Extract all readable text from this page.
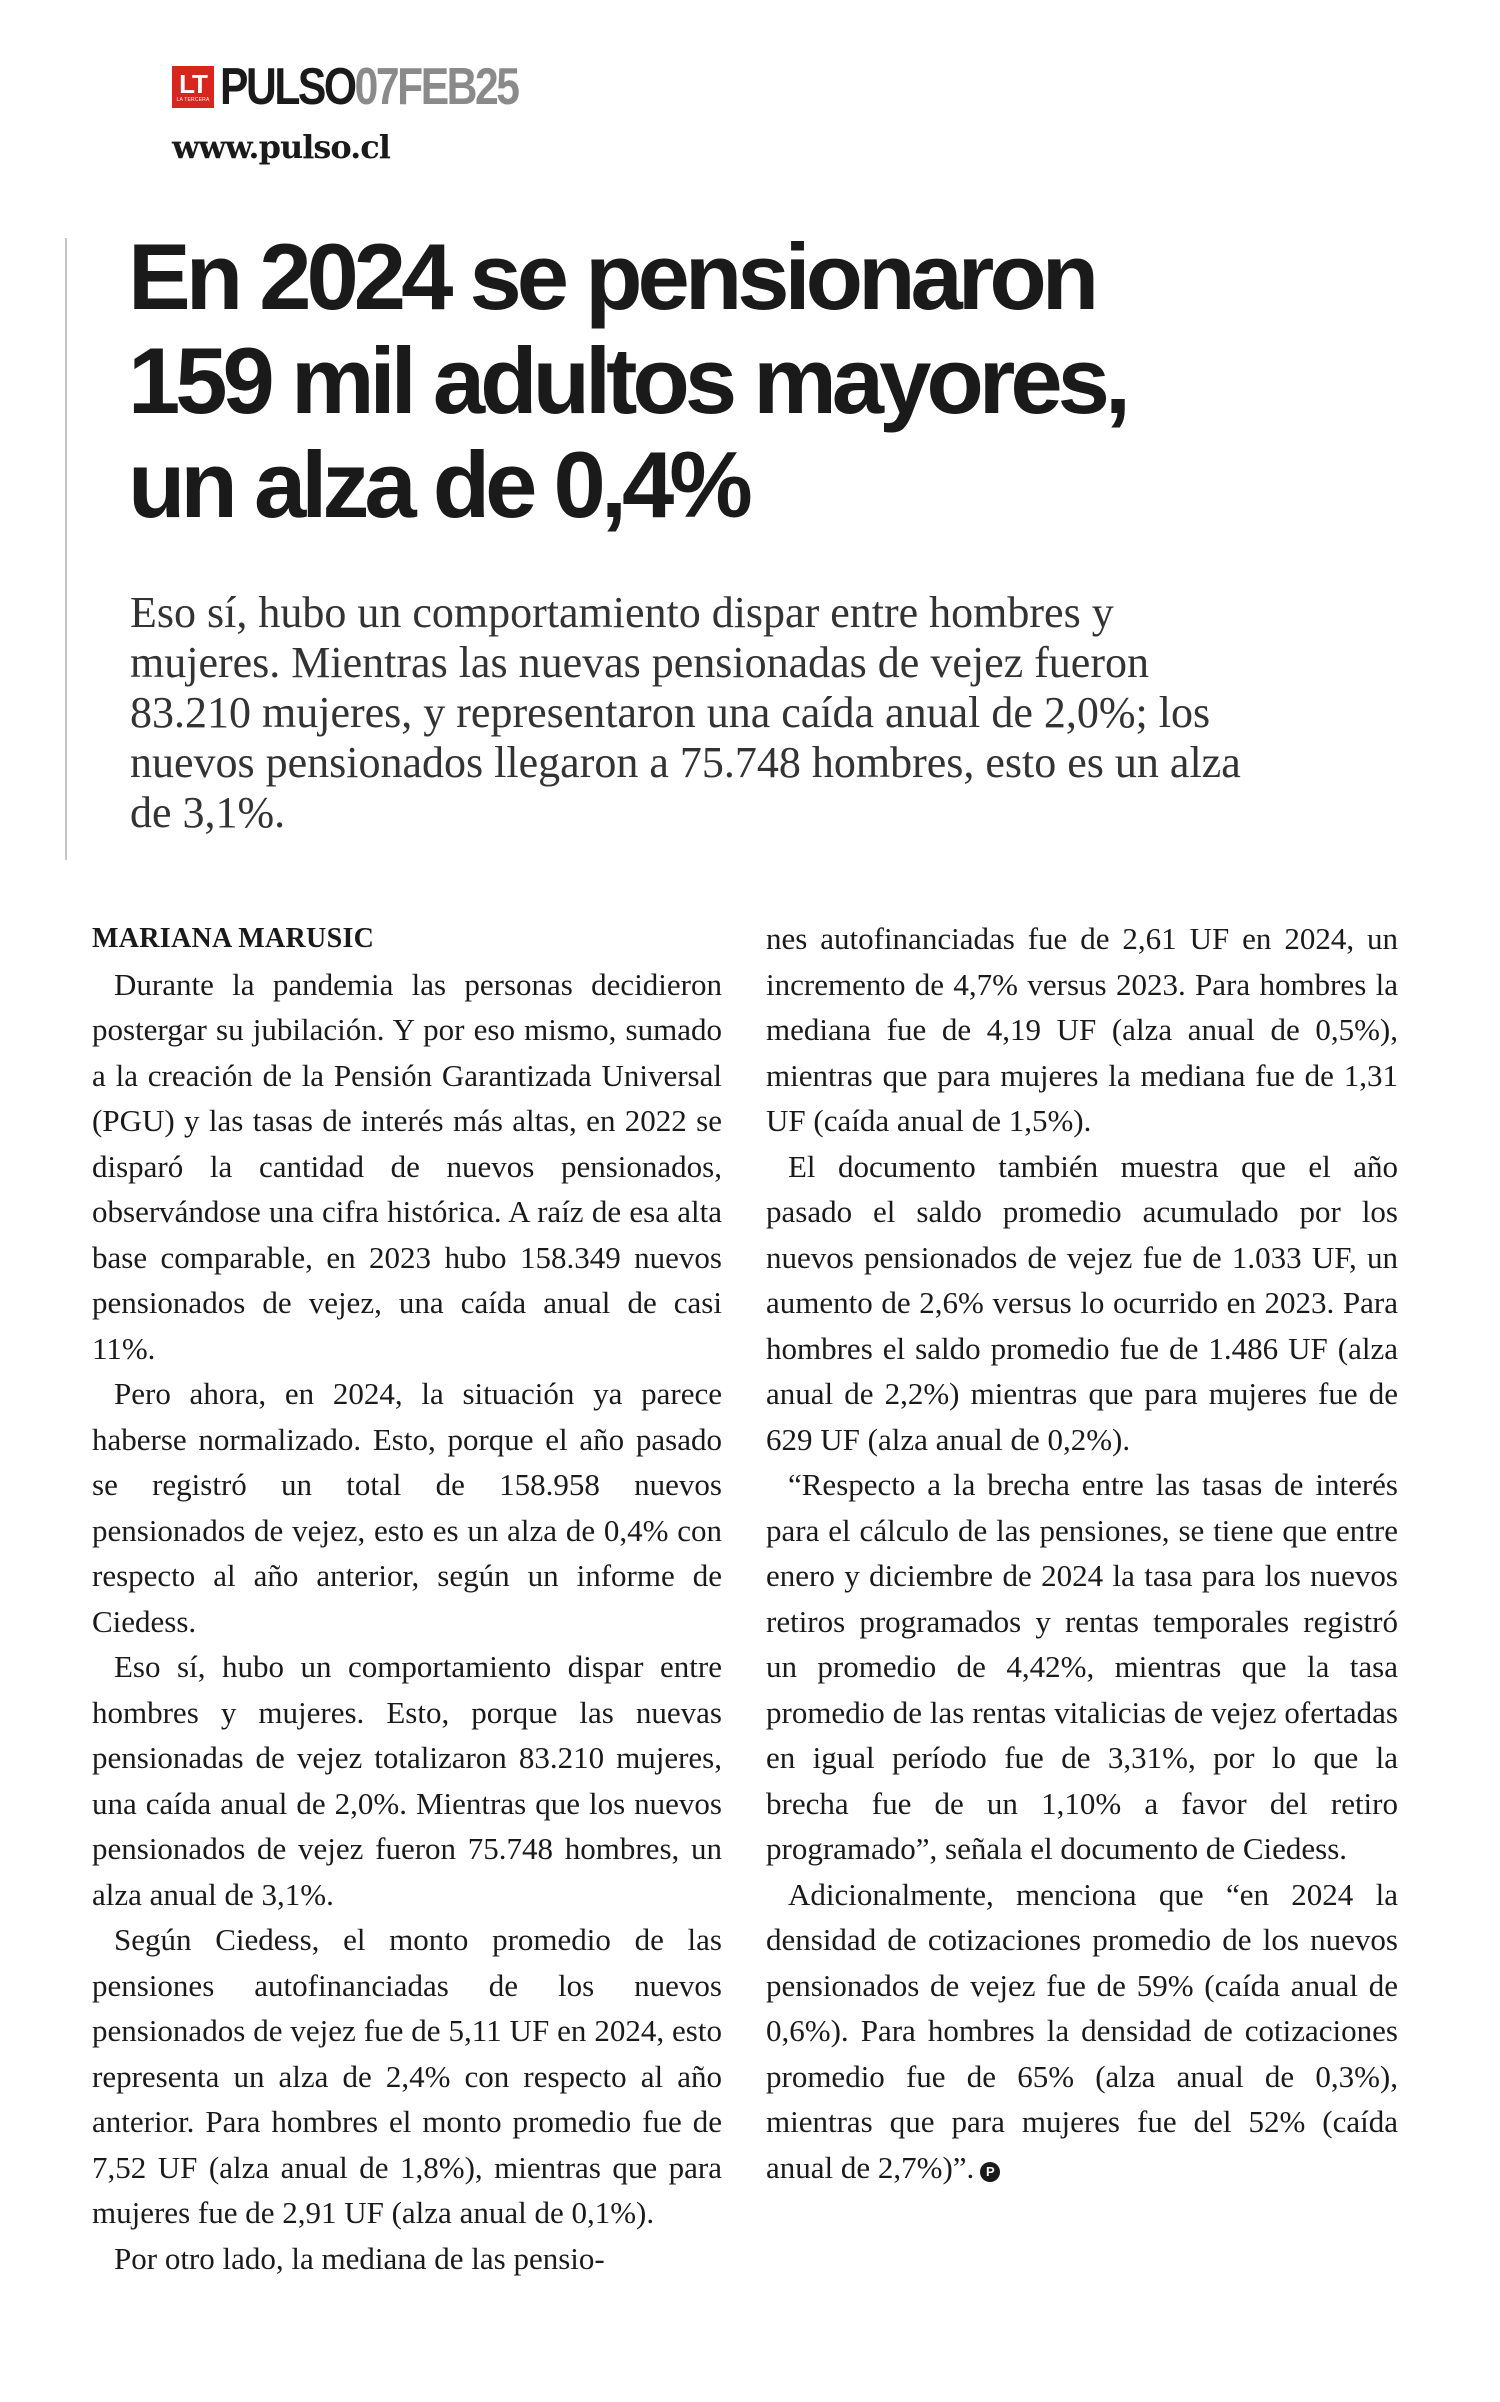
LT
LA TERCERA PULSO07FEB25
www.pulso.cl
En 2024 se pensionaron
159 mil adultos mayores,
un alza de 0,4%

Eso sí, hubo un comportamiento dispar entre hombres y mujeres. Mientras las nuevas pensionadas de vejez fueron 83.210 mujeres, y representaron una caída anual de 2,0%; los nuevos pensionados llegaron a 75.748 hombres, esto es un alza de 3,1%.

MARIANA MARUSIC

Durante la pandemia las personas decidieron postergar su jubilación. Y por eso mismo, sumado a la creación de la Pensión Garantizada Universal (PGU) y las tasas de interés más altas, en 2022 se disparó la cantidad de nuevos pensionados, observándose una cifra histórica. A raíz de esa alta base comparable, en 2023 hubo 158.349 nuevos pensionados de vejez, una caída anual de casi 11%.

Pero ahora, en 2024, la situación ya parece haberse normalizado. Esto, porque el año pasado se registró un total de 158.958 nuevos pensionados de vejez, esto es un alza de 0,4% con respecto al año anterior, según un informe de Ciedess.

Eso sí, hubo un comportamiento dispar entre hombres y mujeres. Esto, porque las nuevas pensionadas de vejez totalizaron 83.210 mujeres, una caída anual de 2,0%. Mientras que los nuevos pensionados de vejez fueron 75.748 hombres, un alza anual de 3,1%.

Según Ciedess, el monto promedio de las pensiones autofinanciadas de los nuevos pensionados de vejez fue de 5,11 UF en 2024, esto representa un alza de 2,4% con respecto al año anterior. Para hombres el monto promedio fue de 7,52 UF (alza anual de 1,8%), mientras que para mujeres fue de 2,91 UF (alza anual de 0,1%).

Por otro lado, la mediana de las pensio-

nes autofinanciadas fue de 2,61 UF en 2024, un incremento de 4,7% versus 2023. Para hombres la mediana fue de 4,19 UF (alza anual de 0,5%), mientras que para mujeres la mediana fue de 1,31 UF (caída anual de 1,5%).

El documento también muestra que el año pasado el saldo promedio acumulado por los nuevos pensionados de vejez fue de 1.033 UF, un aumento de 2,6% versus lo ocurrido en 2023. Para hombres el saldo promedio fue de 1.486 UF (alza anual de 2,2%) mientras que para mujeres fue de 629 UF (alza anual de 0,2%).

“Respecto a la brecha entre las tasas de interés para el cálculo de las pensiones, se tiene que entre enero y diciembre de 2024 la tasa para los nuevos retiros programados y rentas temporales registró un promedio de 4,42%, mientras que la tasa promedio de las rentas vitalicias de vejez ofertadas en igual período fue de 3,31%, por lo que la brecha fue de un 1,10% a favor del retiro programado”, señala el documento de Ciedess.

Adicionalmente, menciona que “en 2024 la densidad de cotizaciones promedio de los nuevos pensionados de vejez fue de 59% (caída anual de 0,6%). Para hombres la densidad de cotizaciones promedio fue de 65% (alza anual de 0,3%), mientras que para mujeres fue del 52% (caída anual de 2,7%)”. P
